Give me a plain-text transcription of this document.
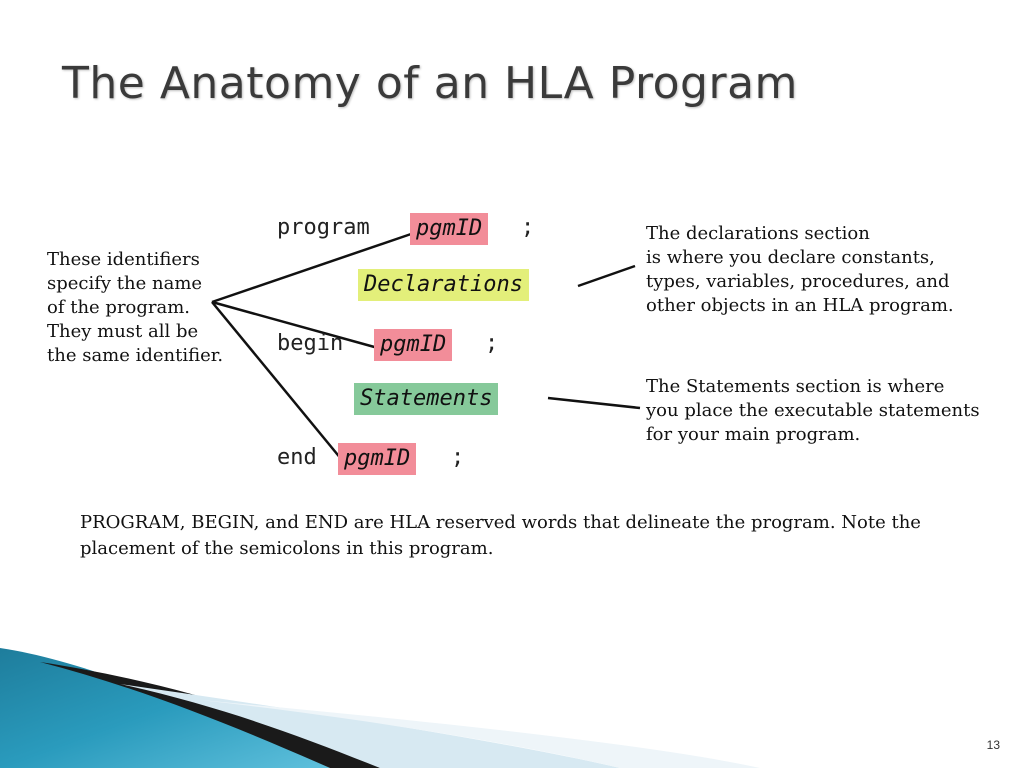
The Anatomy of an HLA Program
program pgmID ;
Declarations
begin pgmID ;
Statements
end pgmID ;

These identifiers
specify the name
of the program.
They must all be
the same identifier.

The declarations section
is where you declare constants,
types, variables, procedures, and
other objects in an HLA program.

The Statements section is where
you place the executable statements
for your main program.

PROGRAM, BEGIN, and END are HLA reserved words that delineate the program. Note the placement of the semicolons in this program.

13
